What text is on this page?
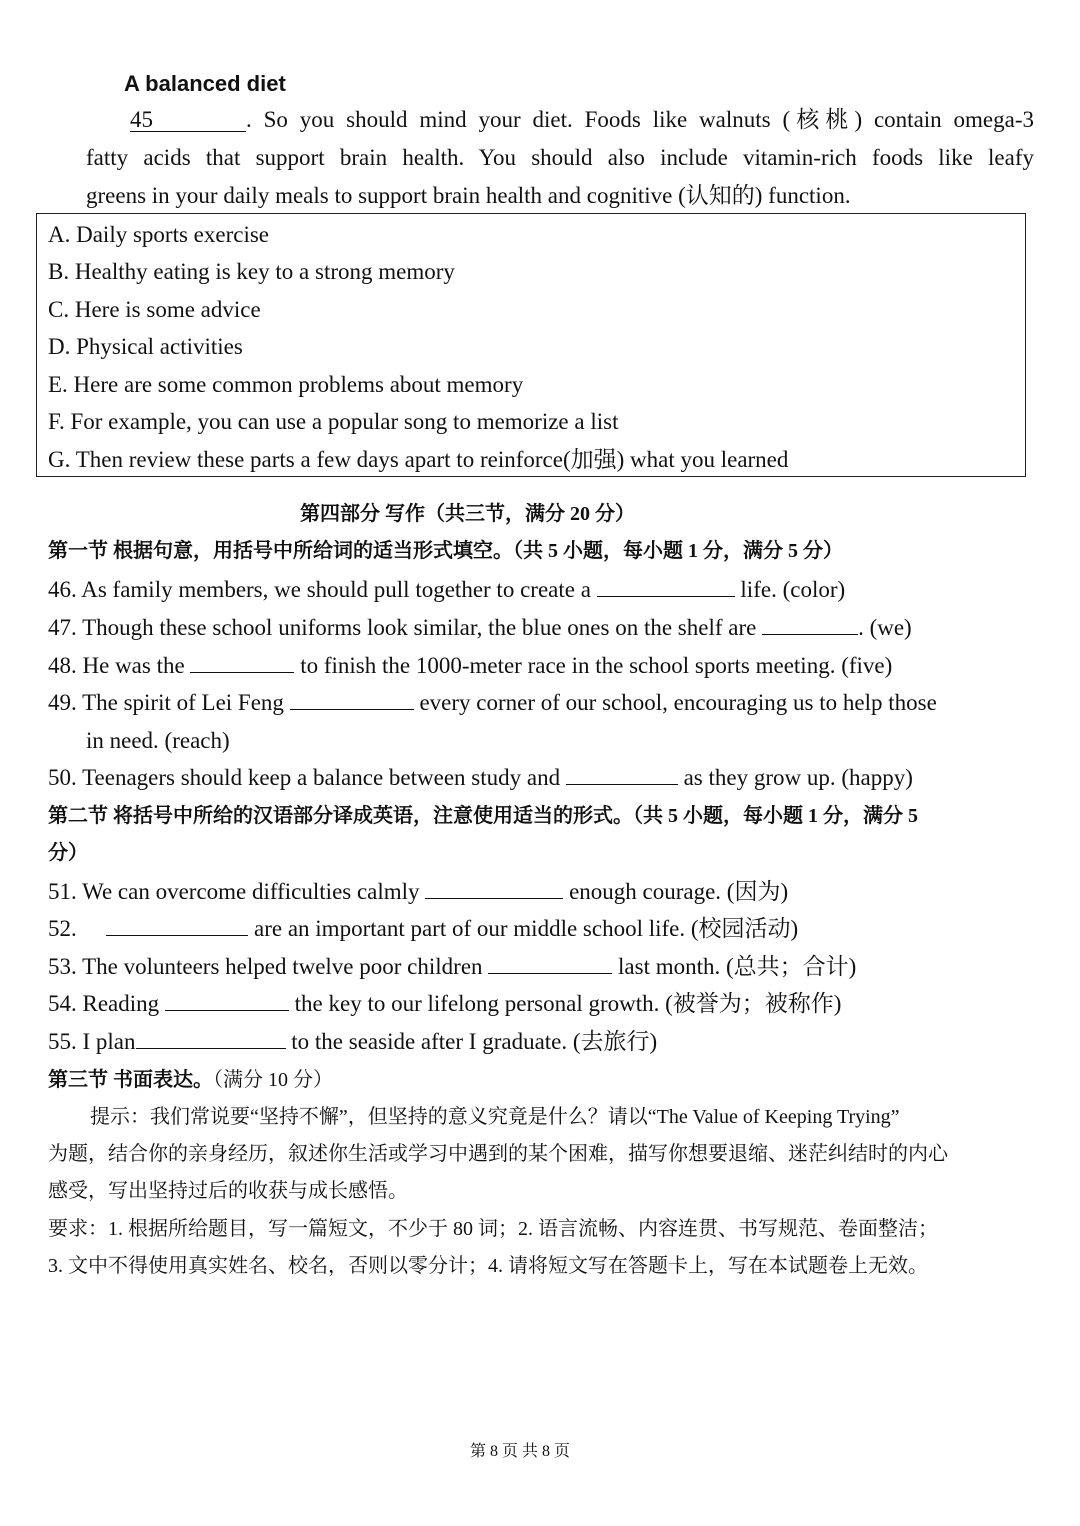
A balanced diet
45	. So you should mind your diet. Foods like walnuts (核桃) contain omega-3
fatty acids that support brain health. You should also include vitamin-rich foods like leafy
greens in your daily meals to support brain health and cognitive (认知的) function.
A. Daily sports exercise
B. Healthy eating is key to a strong memory
C. Here is some advice
D. Physical activities
E. Here are some common problems about memory
F. For example, you can use a popular song to memorize a list
G. Then review these parts a few days apart to reinforce(加强) what you learned
第四部分 写作（共三节，满分 20 分）
第一节 根据句意，用括号中所给词的适当形式填空。（共 5 小题，每小题 1 分，满分 5 分）
46. As family members, we should pull together to create a	life. (color)
47. Though these school uniforms look similar, the blue ones on the shelf are	. (we)
48. He was the	to finish the 1000-meter race in the school sports meeting. (five)
49. The spirit of Lei Feng	every corner of our school, encouraging us to help those
in need. (reach)
50. Teenagers should keep a balance between study and	as they grow up. (happy)
第二节 将括号中所给的汉语部分译成英语，注意使用适当的形式。（共 5 小题，每小题 1 分，满分 5
分）
51. We can overcome difficulties calmly	enough courage. (因为)
52.	are an important part of our middle school life. (校园活动)
53. The volunteers helped twelve poor children	last month. (总共；合计)
54. Reading	the key to our lifelong personal growth. (被誉为；被称作)
55. I plan	to the seaside after I graduate. (去旅行)
第三节 书面表达。（满分 10 分）
提示：我们常说要“坚持不懈”，但坚持的意义究竟是什么？请以“The Value of Keeping Trying”
为题，结合你的亲身经历，叙述你生活或学习中遇到的某个困难，描写你想要退缩、迷茫纠结时的内心
感受，写出坚持过后的收获与成长感悟。
要求：1. 根据所给题目，写一篇短文，不少于 80 词；2. 语言流畅、内容连贯、书写规范、卷面整洁；
3. 文中不得使用真实姓名、校名，否则以零分计；4. 请将短文写在答题卡上，写在本试题卷上无效。
第 8 页 共 8 页
